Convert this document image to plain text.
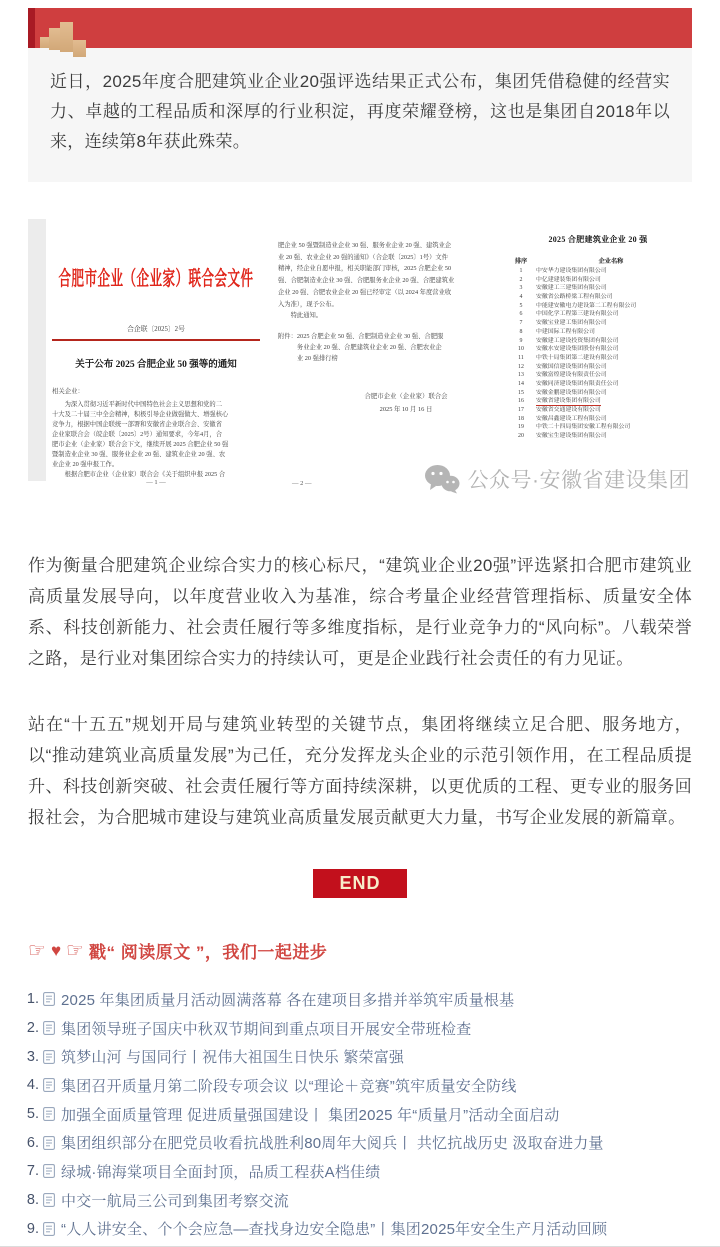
近日，2025年度合肥建筑业企业20强评选结果正式公布，集团凭借稳健的经营实力、卓越的工程品质和深厚的行业积淀，再度荣耀登榜，这也是集团自2018年以来，连续第8年获此殊荣。
合肥市企业（企业家）联合会文件
合企联〔2025〕2号
关于公布 2025 合肥企业 50 强等的通知
相关企业：
　　为深入贯彻习近平新时代中国特色社会主义思想和党的二
十大及二十届三中全会精神，积极引导企业做强做大、增强核心
竞争力，根据中国企联统一部署和安徽省企业联合会、安徽省
企业家联合会（皖企联〔2025〕2号）通知要求，今年4月，合
肥市企业（企业家）联合会下文，继续开展 2025 合肥企业 50 强
暨制造业企业 30 强、服务业企业 20 强、建筑业企业 20 强、农
业企业 20 强申报工作。
　　根据合肥市企业（企业家）联合会《关于组织申报 2025 合
— 1 —
肥企业 50 强暨制造业企业 30 强、服务业企业 20 强、建筑业企
业 20 强、农业企业 20 强的通知》（合企联〔2025〕1号）文件
精神，经企业自愿申报，相关职能部门审核，2025 合肥企业 50
强、合肥制造业企业 30 强、合肥服务业企业 20 强、合肥建筑业
企业 20 强、合肥农业企业 20 强已经审定（以 2024 年度营业收
入为准），现予公布。
　　特此通知。
附件：2025 合肥企业 50 强、合肥制造业企业 30 强、合肥服
　　　务业企业 20 强、合肥建筑业企业 20 强、合肥农业企
　　　业 20 强排行榜
合肥市企业（企业家）联合会
2025 年 10 月 16 日
— 2 —
2025 合肥建筑业企业 20 强
排序	企业名称
1	中安华力建设集团有限公司
2	中亿建建装集团有限公司
3	安徽建工三建集团有限公司
4	安徽省公路桥梁工程有限公司
5	中能建安徽电力建设第二工程有限公司
6	中国化学工程第三建设有限公司
7	安徽宝业建工集团有限公司
8	中建国际工程有限公司
9	安徽建工建设投资集团有限公司
10	安徽水安建设集团股份有限公司
11	中铁十局集团第二建设有限公司
12	安徽国信建设集团有限公司
13	安徽富煌建设有限责任公司
14	安徽同济建设集团有限责任公司
15	安徽金鹏建设集团有限公司
16	安徽省建设集团有限公司
17	安徽省交通建设有限公司
18	安徽昌鑫建设工程有限公司
19	中铁二十四局集团安徽工程有限公司
20	安徽宝生建设集团有限公司
公众号·安徽省建设集团
作为衡量合肥建筑企业综合实力的核心标尺，“建筑业企业20强”评选紧扣合肥市建筑业高质量发展导向，以年度营业收入为基准，综合考量企业经营管理指标、质量安全体系、科技创新能力、社会责任履行等多维度指标，是行业竞争力的“风向标”。八载荣誉之路，是行业对集团综合实力的持续认可，更是企业践行社会责任的有力见证。
站在“十五五”规划开局与建筑业转型的关键节点，集团将继续立足合肥、服务地方，以“推动建筑业高质量发展”为己任，充分发挥龙头企业的示范引领作用，在工程品质提升、科技创新突破、社会责任履行等方面持续深耕，以更优质的工程、更专业的服务回报社会，为合肥城市建设与建筑业高质量发展贡献更大力量，书写企业发展的新篇章。
END
☞ ♥ ☞ 戳“ 阅读原文 ”，我们一起进步
1. 2025 年集团质量月活动圆满落幕 各在建项目多措并举筑牢质量根基
2. 集团领导班子国庆中秋双节期间到重点项目开展安全带班检查
3. 筑梦山河 与国同行丨祝伟大祖国生日快乐 繁荣富强
4. 集团召开质量月第二阶段专项会议 以“理论＋竞赛”筑牢质量安全防线
5. 加强全面质量管理 促进质量强国建设丨 集团2025 年“质量月”活动全面启动
6. 集团组织部分在肥党员收看抗战胜利80周年大阅兵丨 共忆抗战历史 汲取奋进力量
7. 绿城·锦海棠项目全面封顶，品质工程获A档佳绩
8. 中交一航局三公司到集团考察交流
9. “人人讲安全、个个会应急—查找身边安全隐患”丨集团2025年安全生产月活动回顾
